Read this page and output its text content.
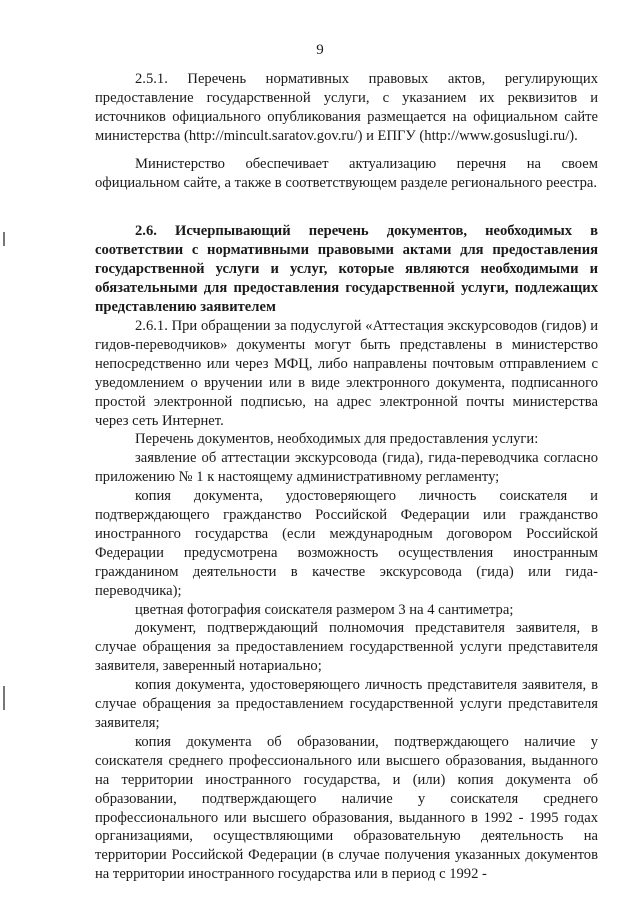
9

2.5.1. Перечень нормативных правовых актов, регулирующих предоставление государственной услуги, с указанием их реквизитов и источников официального опубликования размещается на официальном сайте министерства (http://mincult.saratov.gov.ru/) и ЕПГУ (http://www.gosuslugi.ru/).

Министерство обеспечивает актуализацию перечня на своем официальном сайте, а также в соответствующем разделе регионального реестра.

2.6. Исчерпывающий перечень документов, необходимых в соответствии с нормативными правовыми актами для предоставления государственной услуги и услуг, которые являются необходимыми и обязательными для предоставления государственной услуги, подлежащих представлению заявителем

2.6.1. При обращении за подуслугой «Аттестация экскурсоводов (гидов) и гидов-переводчиков» документы могут быть представлены в министерство непосредственно или через МФЦ, либо направлены почтовым отправлением с уведомлением о вручении или в виде электронного документа, подписанного простой электронной подписью, на адрес электронной почты министерства через сеть Интернет.

Перечень документов, необходимых для предоставления услуги:

заявление об аттестации экскурсовода (гида), гида-переводчика согласно приложению № 1 к настоящему административному регламенту;

копия документа, удостоверяющего личность соискателя и подтверждающего гражданство Российской Федерации или гражданство иностранного государства (если международным договором Российской Федерации предусмотрена возможность осуществления иностранным гражданином деятельности в качестве экскурсовода (гида) или гида-переводчика);

цветная фотография соискателя размером 3 на 4 сантиметра;

документ, подтверждающий полномочия представителя заявителя, в случае обращения за предоставлением государственной услуги представителя заявителя, заверенный нотариально;

копия документа, удостоверяющего личность представителя заявителя, в случае обращения за предоставлением государственной услуги представителя заявителя;

копия документа об образовании, подтверждающего наличие у соискателя среднего профессионального или высшего образования, выданного на территории иностранного государства, и (или) копия документа об образовании, подтверждающего наличие у соискателя среднего профессионального или высшего образования, выданного в 1992 - 1995 годах организациями, осуществляющими образовательную деятельность на территории Российской Федерации (в случае получения указанных документов на территории иностранного государства или в период с 1992 -
